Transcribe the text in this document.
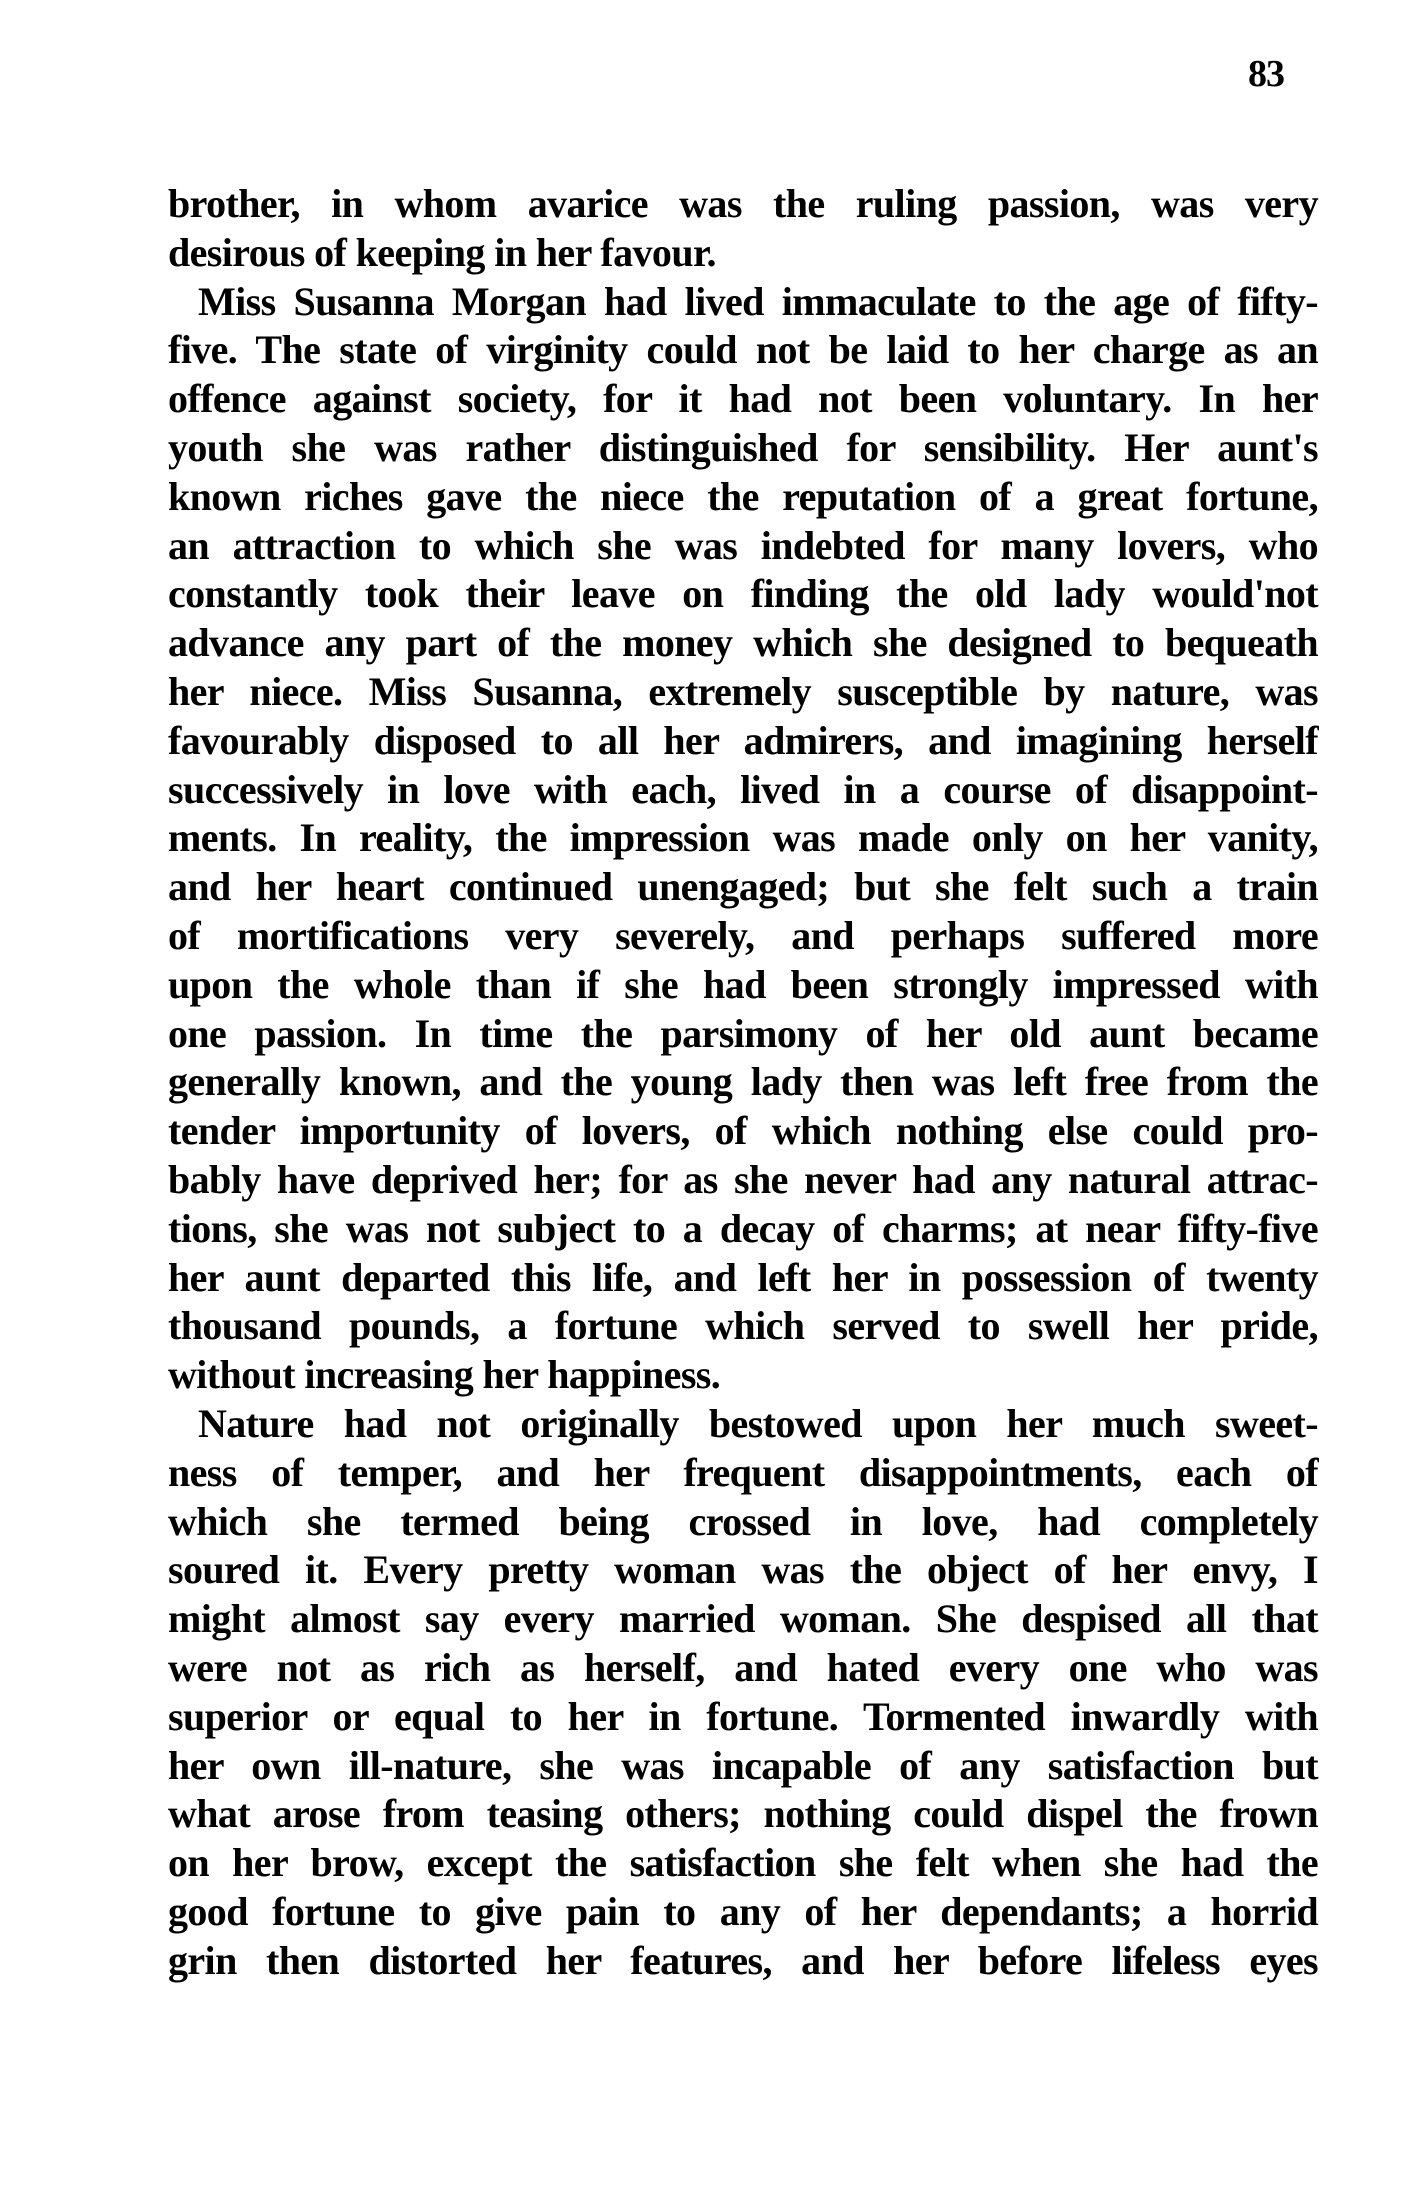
83
brother, in whom avarice was the ruling passion, was very
desirous of keeping in her favour.
Miss Susanna Morgan had lived immaculate to the age of fifty-
five. The state of virginity could not be laid to her charge as an
offence against society, for it had not been voluntary. In her
youth she was rather distinguished for sensibility. Her aunt's
known riches gave the niece the reputation of a great fortune,
an attraction to which she was indebted for many lovers, who
constantly took their leave on finding the old lady would'not
advance any part of the money which she designed to bequeath
her niece. Miss Susanna, extremely susceptible by nature, was
favourably disposed to all her admirers, and imagining herself
successively in love with each, lived in a course of disappoint-
ments. In reality, the impression was made only on her vanity,
and her heart continued unengaged; but she felt such a train
of mortifications very severely, and perhaps suffered more
upon the whole than if she had been strongly impressed with
one passion. In time the parsimony of her old aunt became
generally known, and the young lady then was left free from the
tender importunity of lovers, of which nothing else could pro-
bably have deprived her; for as she never had any natural attrac-
tions, she was not subject to a decay of charms; at near fifty-five
her aunt departed this life, and left her in possession of twenty
thousand pounds, a fortune which served to swell her pride,
without increasing her happiness.
Nature had not originally bestowed upon her much sweet-
ness of temper, and her frequent disappointments, each of
which she termed being crossed in love, had completely
soured it. Every pretty woman was the object of her envy, I
might almost say every married woman. She despised all that
were not as rich as herself, and hated every one who was
superior or equal to her in fortune. Tormented inwardly with
her own ill-nature, she was incapable of any satisfaction but
what arose from teasing others; nothing could dispel the frown
on her brow, except the satisfaction she felt when she had the
good fortune to give pain to any of her dependants; a horrid
grin then distorted her features, and her before lifeless eyes
